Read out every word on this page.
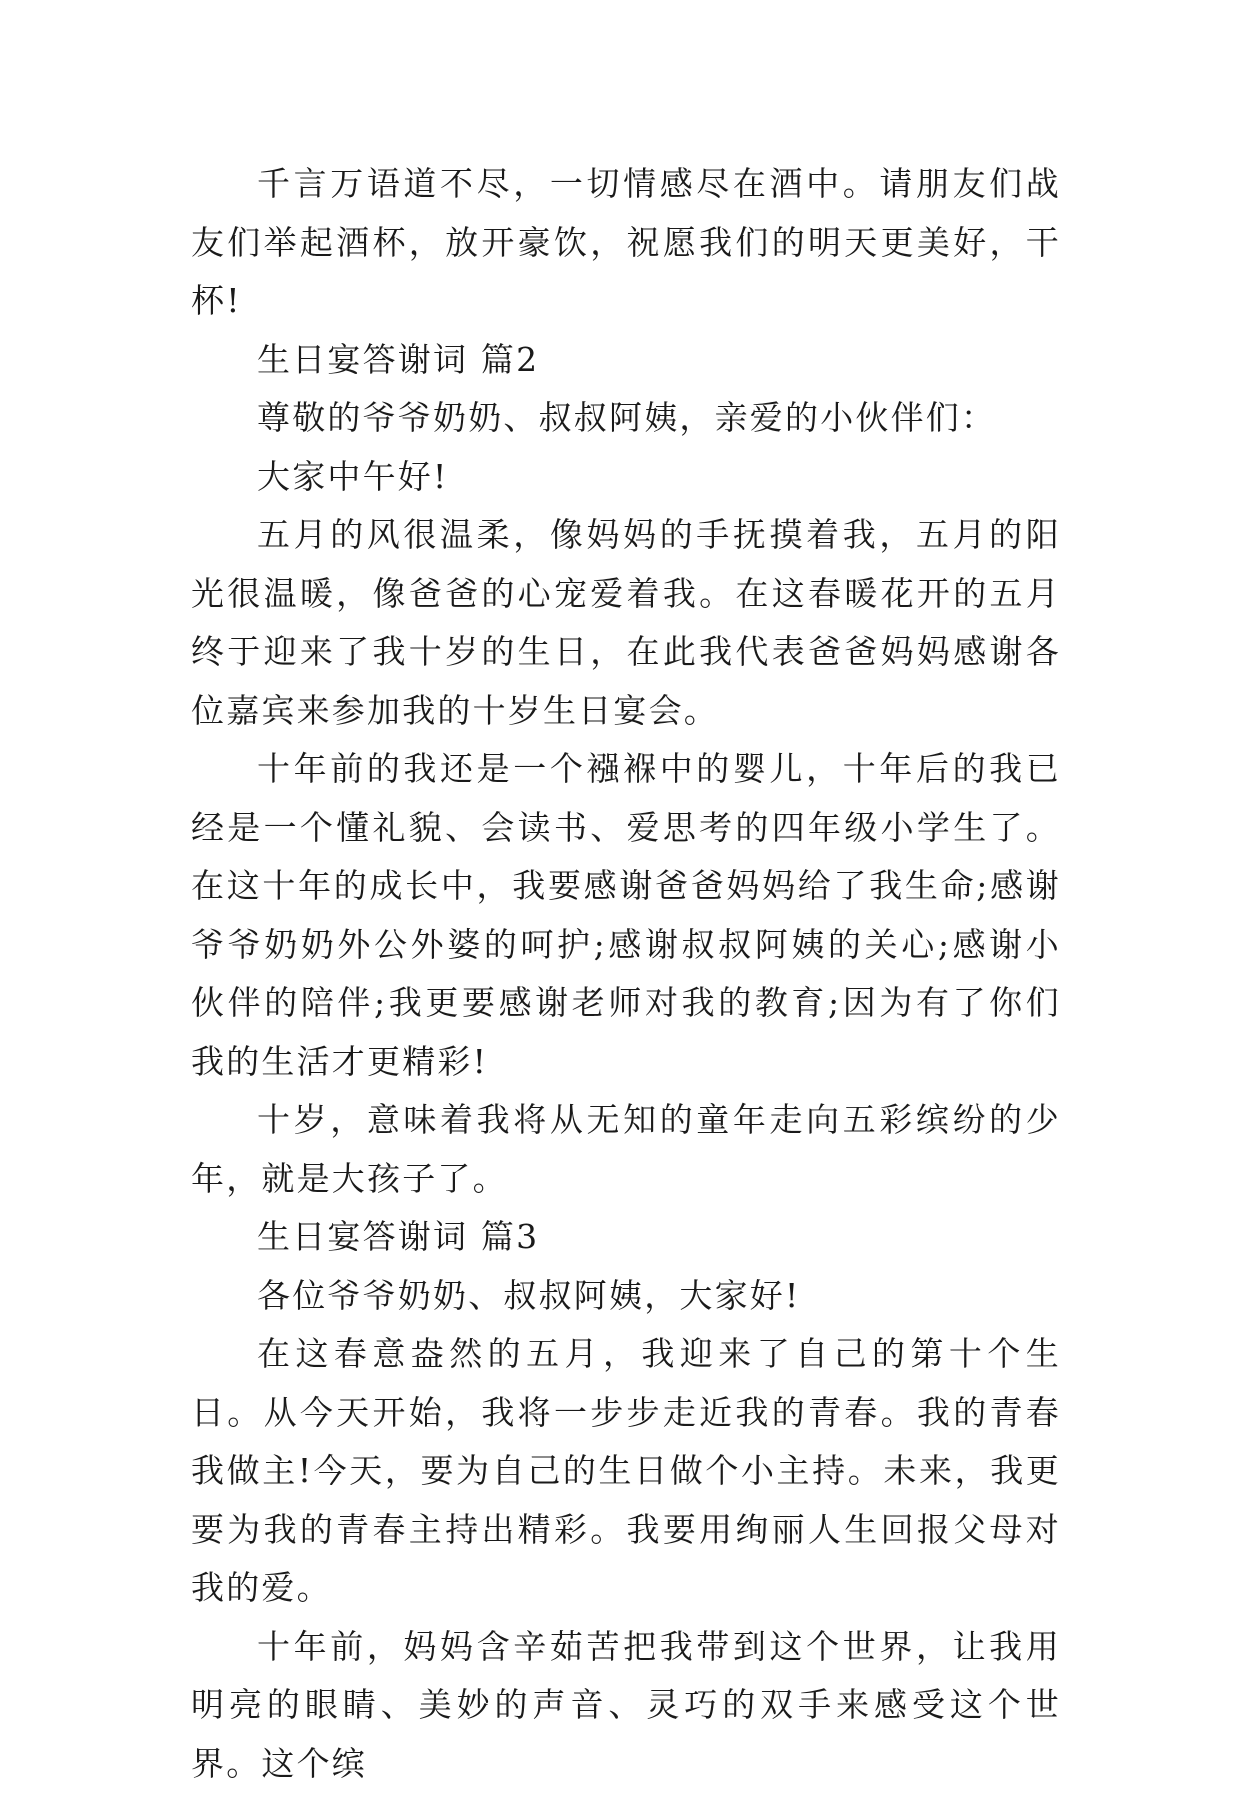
千言万语道不尽，一切情感尽在酒中。请朋友们战友们举起酒杯，放开豪饮，祝愿我们的明天更美好，干杯!

生日宴答谢词 篇2

尊敬的爷爷奶奶、叔叔阿姨，亲爱的小伙伴们：

大家中午好!

五月的风很温柔，像妈妈的手抚摸着我，五月的阳光很温暖，像爸爸的心宠爱着我。在这春暖花开的五月终于迎来了我十岁的生日，在此我代表爸爸妈妈感谢各位嘉宾来参加我的十岁生日宴会。

十年前的我还是一个襁褓中的婴儿，十年后的我已经是一个懂礼貌、会读书、爱思考的四年级小学生了。在这十年的成长中，我要感谢爸爸妈妈给了我生命;感谢爷爷奶奶外公外婆的呵护;感谢叔叔阿姨的关心;感谢小伙伴的陪伴;我更要感谢老师对我的教育;因为有了你们我的生活才更精彩!

十岁，意味着我将从无知的童年走向五彩缤纷的少年，就是大孩子了。

生日宴答谢词 篇3

各位爷爷奶奶、叔叔阿姨，大家好!

在这春意盎然的五月，我迎来了自己的第十个生日。从今天开始，我将一步步走近我的青春。我的青春我做主!今天，要为自己的生日做个小主持。未来，我更要为我的青春主持出精彩。我要用绚丽人生回报父母对我的爱。

十年前，妈妈含辛茹苦把我带到这个世界，让我用明亮的眼睛、美妙的声音、灵巧的双手来感受这个世界。这个缤
